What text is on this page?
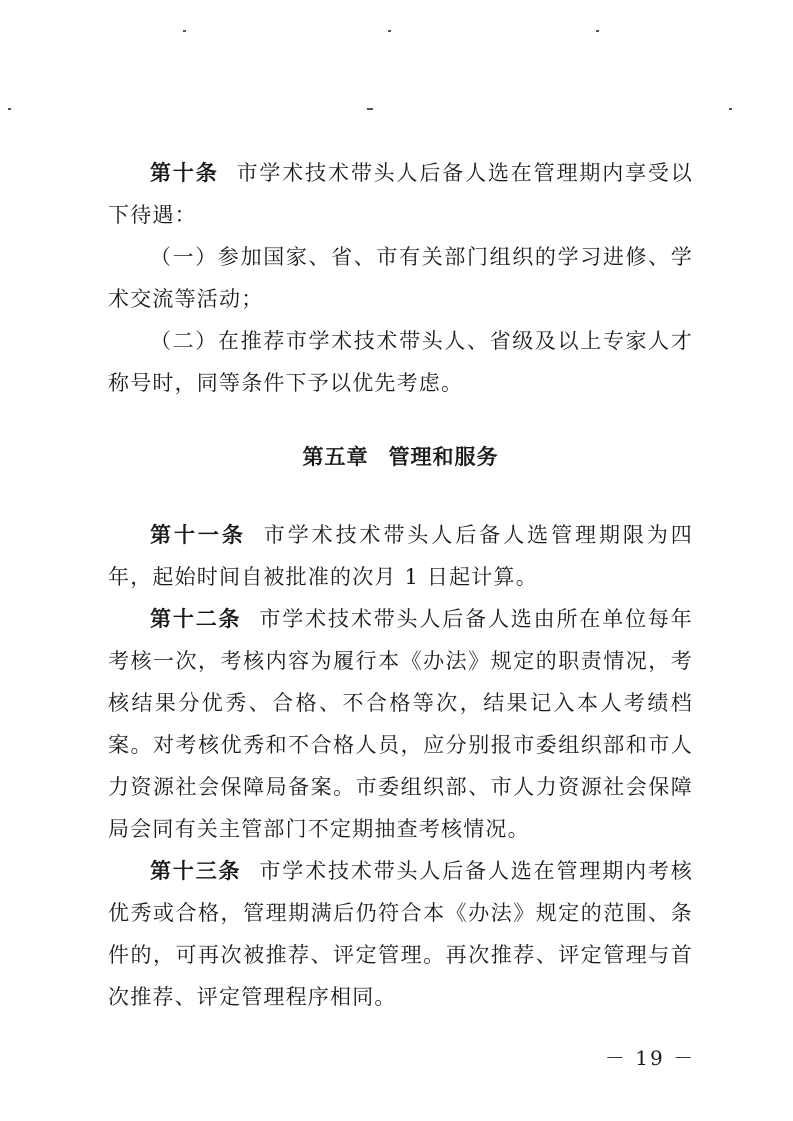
第十条 市学术技术带头人后备人选在管理期内享受以下待遇：

（一）参加国家、省、市有关部门组织的学习进修、学术交流等活动；

（二）在推荐市学术技术带头人、省级及以上专家人才称号时，同等条件下予以优先考虑。

第五章 管理和服务

第十一条 市学术技术带头人后备人选管理期限为四年，起始时间自被批准的次月 1 日起计算。

第十二条 市学术技术带头人后备人选由所在单位每年考核一次，考核内容为履行本《办法》规定的职责情况，考核结果分优秀、合格、不合格等次，结果记入本人考绩档案。对考核优秀和不合格人员，应分别报市委组织部和市人力资源社会保障局备案。市委组织部、市人力资源社会保障局会同有关主管部门不定期抽查考核情况。

第十三条 市学术技术带头人后备人选在管理期内考核优秀或合格，管理期满后仍符合本《办法》规定的范围、条件的，可再次被推荐、评定管理。再次推荐、评定管理与首次推荐、评定管理程序相同。

－ 19 －
